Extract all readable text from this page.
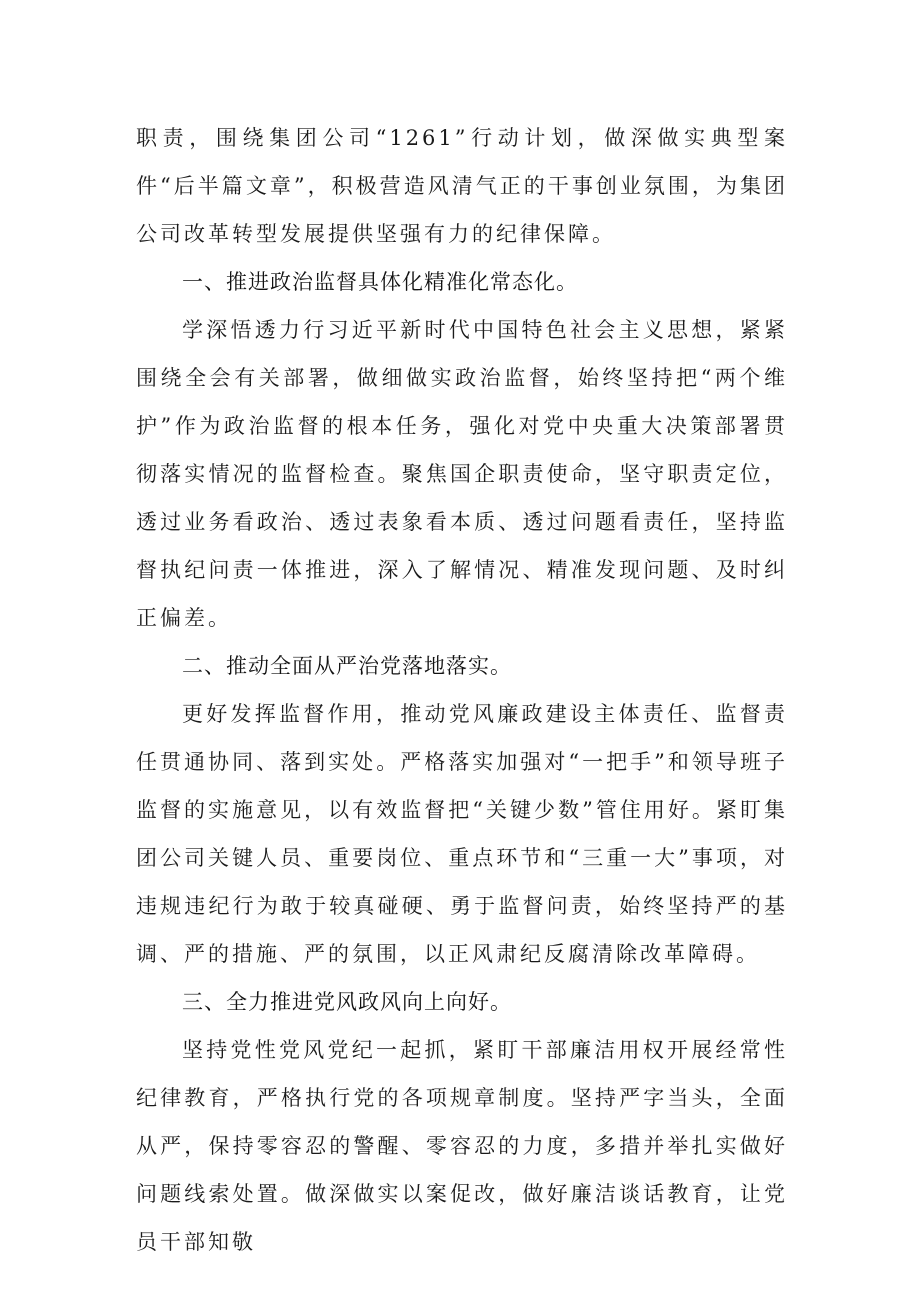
职责，围绕集团公司“1261”行动计划，做深做实典型案件“后半篇文章”，积极营造风清气正的干事创业氛围，为集团公司改革转型发展提供坚强有力的纪律保障。

一、推进政治监督具体化精准化常态化。

学深悟透力行习近平新时代中国特色社会主义思想，紧紧围绕全会有关部署，做细做实政治监督，始终坚持把“两个维护”作为政治监督的根本任务，强化对党中央重大决策部署贯彻落实情况的监督检查。聚焦国企职责使命，坚守职责定位，透过业务看政治、透过表象看本质、透过问题看责任，坚持监督执纪问责一体推进，深入了解情况、精准发现问题、及时纠正偏差。

二、推动全面从严治党落地落实。

更好发挥监督作用，推动党风廉政建设主体责任、监督责任贯通协同、落到实处。严格落实加强对“一把手”和领导班子监督的实施意见，以有效监督把“关键少数”管住用好。紧盯集团公司关键人员、重要岗位、重点环节和“三重一大”事项，对违规违纪行为敢于较真碰硬、勇于监督问责，始终坚持严的基调、严的措施、严的氛围，以正风肃纪反腐清除改革障碍。

三、全力推进党风政风向上向好。

坚持党性党风党纪一起抓，紧盯干部廉洁用权开展经常性纪律教育，严格执行党的各项规章制度。坚持严字当头，全面从严，保持零容忍的警醒、零容忍的力度，多措并举扎实做好问题线索处置。做深做实以案促改，做好廉洁谈话教育，让党员干部知敬
